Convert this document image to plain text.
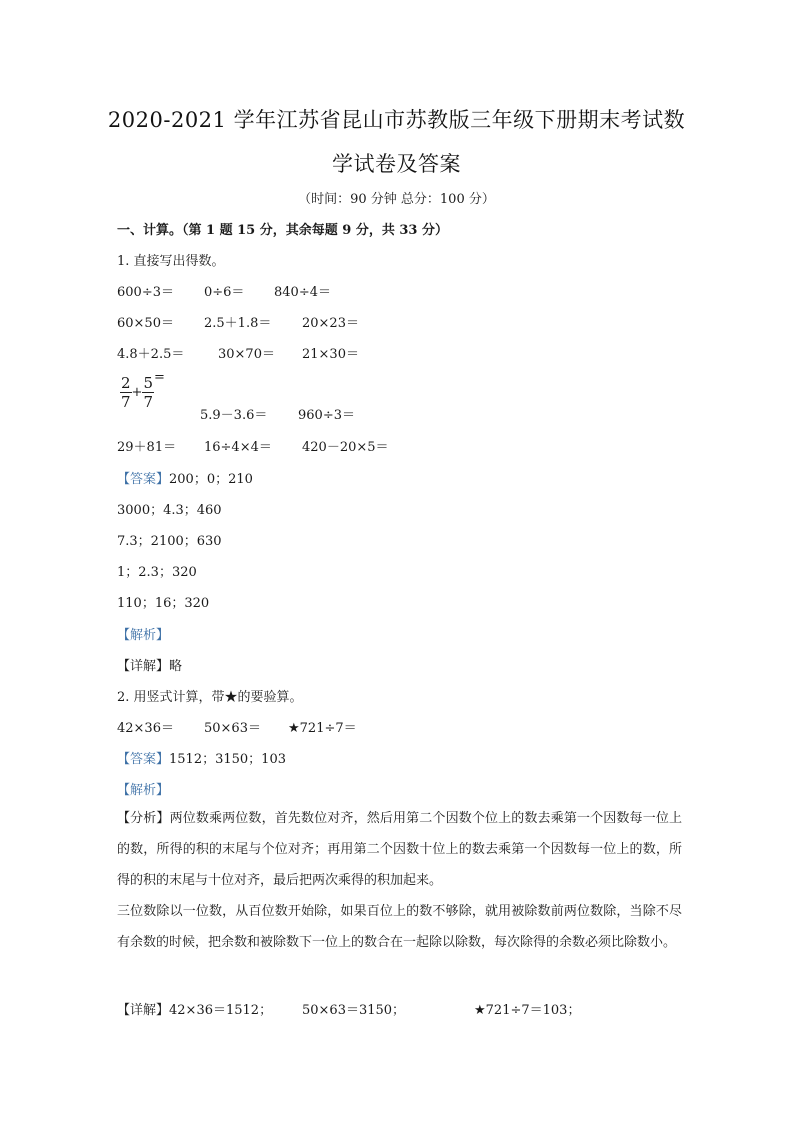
2020-2021 学年江苏省昆山市苏教版三年级下册期末考试数
学试卷及答案
（时间：90 分钟 总分：100 分）
一、计算。（第 1 题 15 分，其余每题 9 分，共 33 分）
1. 直接写出得数。
600÷3＝ 0÷6＝ 840÷4＝
60×50＝ 2.5＋1.8＝ 20×23＝
4.8＋2.5＝	30×70＝ 21×30＝
$\frac{2}{7} + \frac{5}{7}$ =
5.9－3.6＝ 960÷3＝
29＋81＝ 16÷4×4＝ 420－20×5＝
【答案】200；0；210
3000；4.3；460
7.3；2100；630
1；2.3；320
110；16；320
【解析】
【详解】略
2. 用竖式计算，带★的要验算。
42×36＝ 50×63＝ ★721÷7＝
【答案】1512；3150；103
【解析】
【分析】两位数乘两位数，首先数位对齐，然后用第二个因数个位上的数去乘第一个因数每一位上的数，所得的积的末尾与个位对齐；再用第二个因数十位上的数去乘第一个因数每一位上的数，所得的积的末尾与十位对齐，最后把两次乘得的积加起来。
三位数除以一位数，从百位数开始除，如果百位上的数不够除，就用被除数前两位数除，当除不尽有余数的时候，把余数和被除数下一位上的数合在一起除以除数，每次除得的余数必须比除数小。
【详解】42×36＝1512； 50×63＝3150；	★721÷7＝103；
